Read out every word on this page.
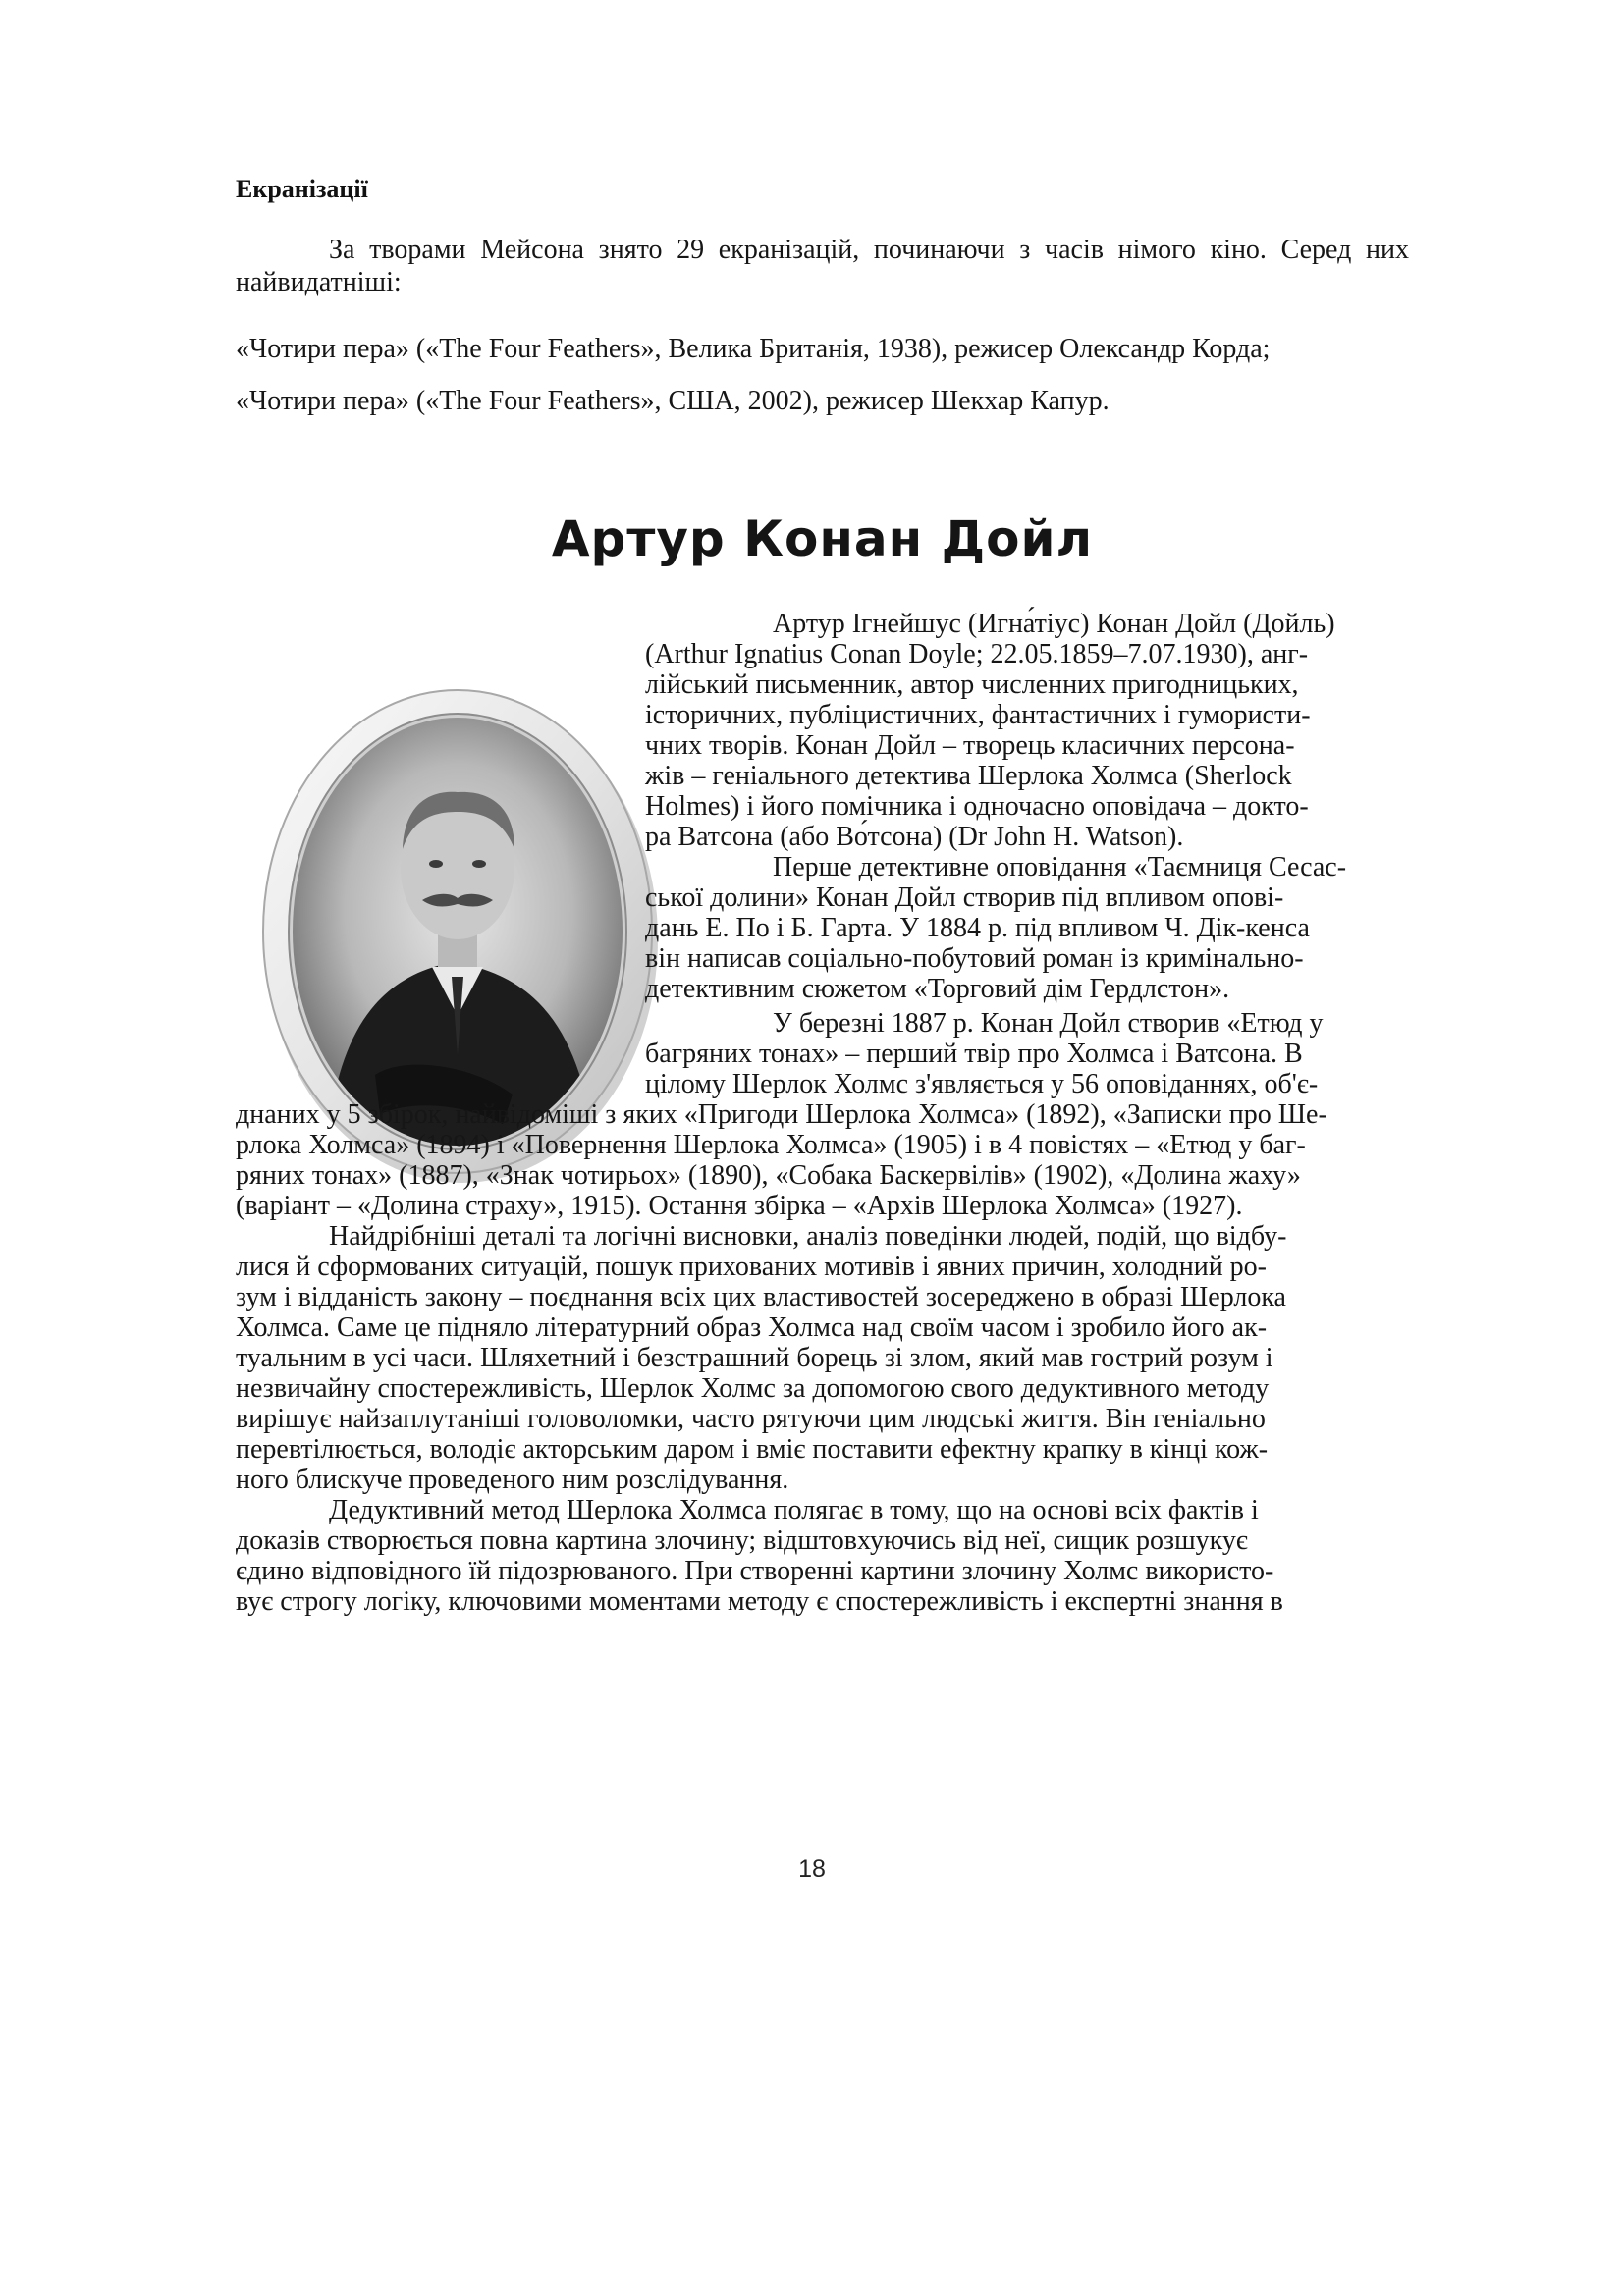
Екранізації

За творами Мейсона знято 29 екранізацій, починаючи з часів німого кіно. Серед них найвидатніші:

«Чотири пера» («The Four Feathers», Велика Британія, 1938), режисер Олександр Корда;

«Чотири пера» («The Four Feathers», США, 2002), режисер Шекхар Капур.

Артур Конан Дойл
Артур Ігнейшус (Игна́тіус) Конан Дойл (Дойль)
(Arthur Ignatius Conan Doyle; 22.05.1859–7.07.1930), анг-
лійський письменник, автор численних пригодницьких,
історичних, публіцистичних, фантастичних і гумористи-
чних творів. Конан Дойл – творець класичних персона-
жів – геніального детектива Шерлока Холмса (Sherlock
Holmes) і його помічника і одночасно оповідача – докто-
ра Ватсона (або Во́тсона) (Dr John H. Watson).
Перше детективне оповідання «Таємниця Сесас-
ської долини» Конан Дойл створив під впливом опові-
дань Е. По і Б. Гарта. У 1884 р. під впливом Ч. Дік-кенса
він написав соціально-побутовий роман із кримінально-
детективним сюжетом «Торговий дім Гердлстон».
У березні 1887 р. Конан Дойл створив «Етюд у
багряних тонах» – перший твір про Холмса і Ватсона. В
цілому Шерлок Холмс з'являється у 56 оповіданнях, об'є-
днаних у 5 збірок, найвідоміші з яких «Пригоди Шерлока Холмса» (1892), «Записки про Ше-
рлока Холмса» (1894) і «Повернення Шерлока Холмса» (1905) і в 4 повістях – «Етюд у баг-
ряних тонах» (1887), «Знак чотирьох» (1890), «Собака Баскервілів» (1902), «Долина жаху»
(варіант – «Долина страху», 1915). Остання збірка – «Архів Шерлока Холмса» (1927).
Найдрібніші деталі та логічні висновки, аналіз поведінки людей, подій, що відбу-
лися й сформованих ситуацій, пошук прихованих мотивів і явних причин, холодний ро-
зум і відданість закону – поєднання всіх цих властивостей зосереджено в образі Шерлока
Холмса. Саме це підняло літературний образ Холмса над своїм часом і зробило його ак-
туальним в усі часи. Шляхетний і безстрашний борець зі злом, який мав гострий розум і
незвичайну спостережливість, Шерлок Холмс за допомогою свого дедуктивного методу
вирішує найзаплутаніші головоломки, часто рятуючи цим людські життя. Він геніально
перевтілюється, володіє акторським даром і вміє поставити ефектну крапку в кінці кож-
ного блискуче проведеного ним розслідування.
Дедуктивний метод Шерлока Холмса полягає в тому, що на основі всіх фактів і
доказів створюється повна картина злочину; відштовхуючись від неї, сищик розшукує
єдино відповідного їй підозрюваного. При створенні картини злочину Холмс використо-
вує строгу логіку, ключовими моментами методу є спостережливість і експертні знання в
18
